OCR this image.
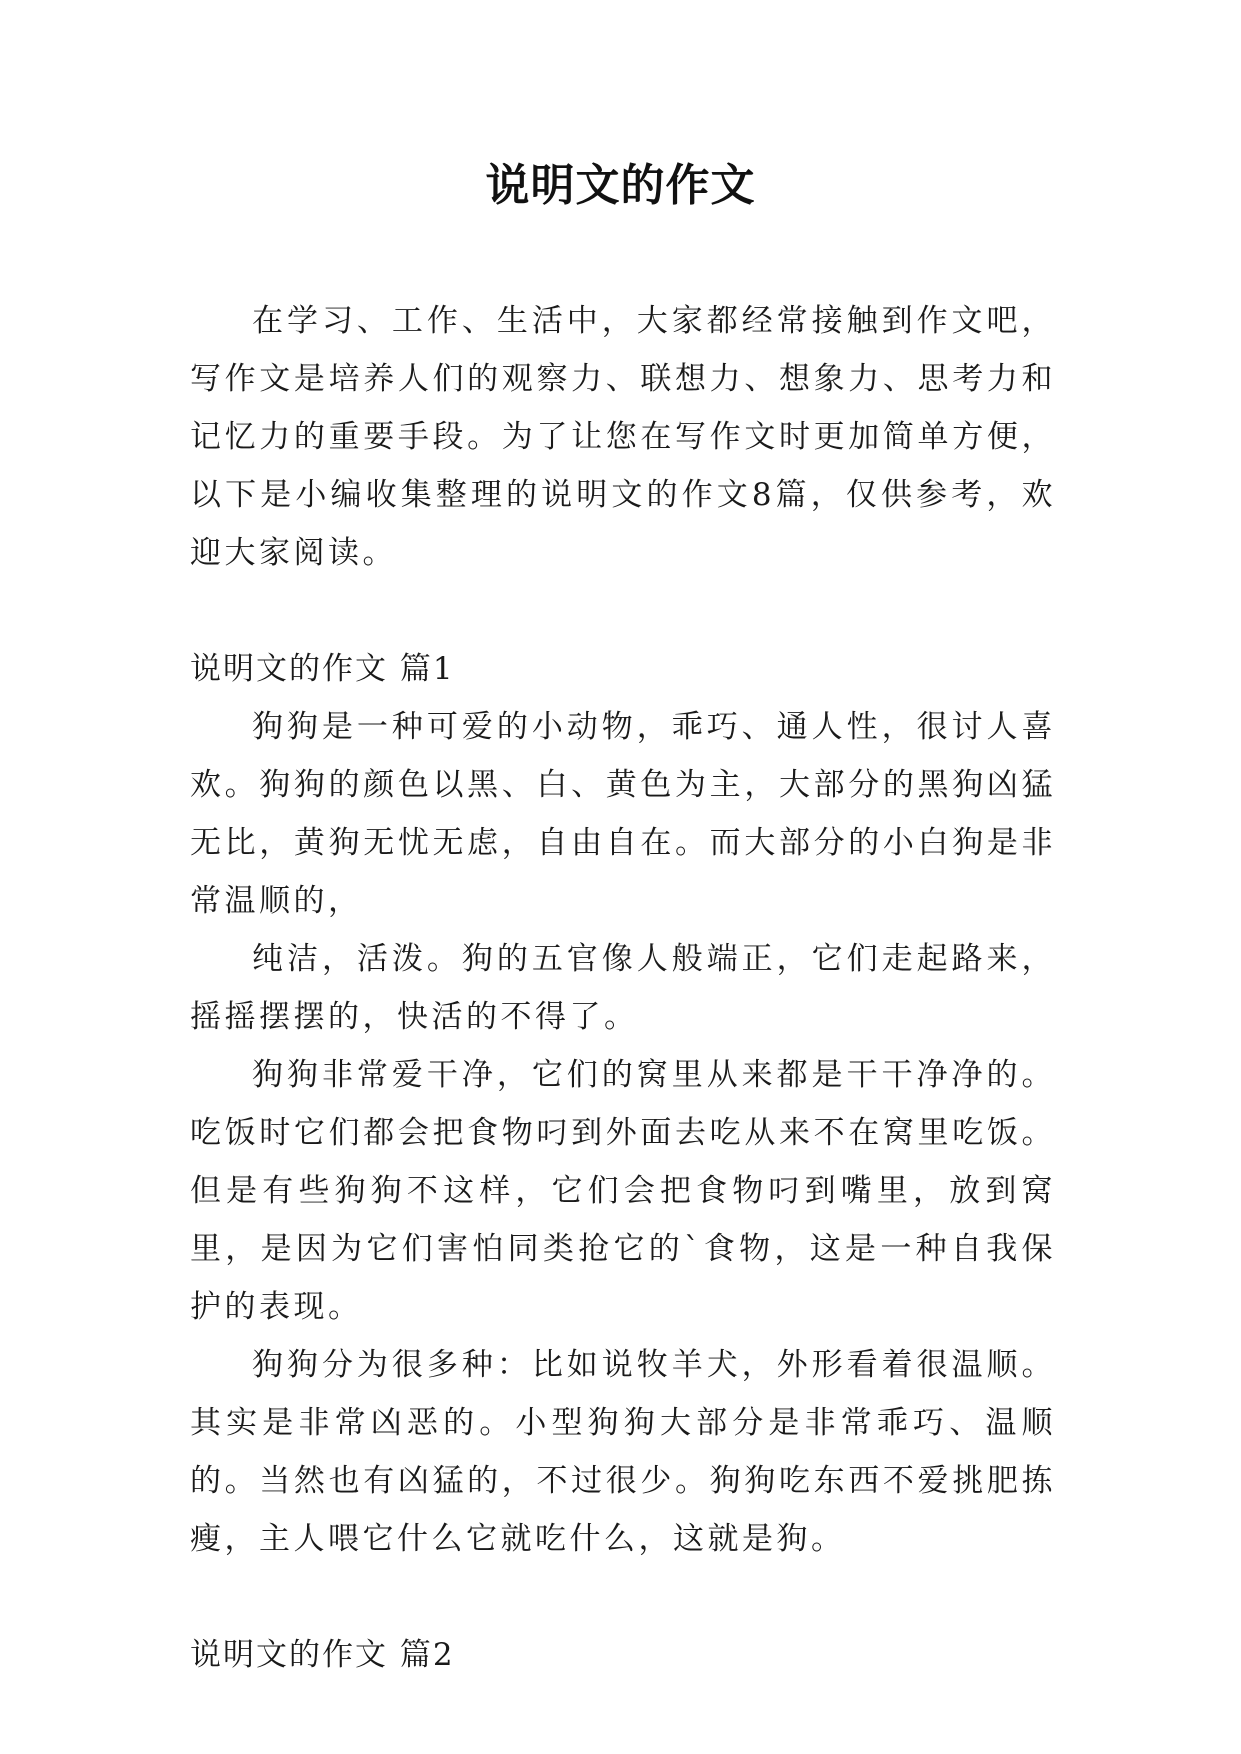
说明文的作文

在学习、工作、生活中，大家都经常接触到作文吧，写作文是培养人们的观察力、联想力、想象力、思考力和记忆力的重要手段。为了让您在写作文时更加简单方便，以下是小编收集整理的说明文的作文8篇，仅供参考，欢迎大家阅读。

说明文的作文 篇1

狗狗是一种可爱的小动物，乖巧、通人性，很讨人喜欢。狗狗的颜色以黑、白、黄色为主，大部分的黑狗凶猛无比，黄狗无忧无虑，自由自在。而大部分的小白狗是非常温顺的，

纯洁，活泼。狗的五官像人般端正，它们走起路来，摇摇摆摆的，快活的不得了。

狗狗非常爱干净，它们的窝里从来都是干干净净的。吃饭时它们都会把食物叼到外面去吃从来不在窝里吃饭。但是有些狗狗不这样，它们会把食物叼到嘴里，放到窝里，是因为它们害怕同类抢它的`食物，这是一种自我保护的表现。

狗狗分为很多种：比如说牧羊犬，外形看着很温顺。其实是非常凶恶的。小型狗狗大部分是非常乖巧、温顺的。当然也有凶猛的，不过很少。狗狗吃东西不爱挑肥拣瘦，主人喂它什么它就吃什么，这就是狗。

说明文的作文 篇2
